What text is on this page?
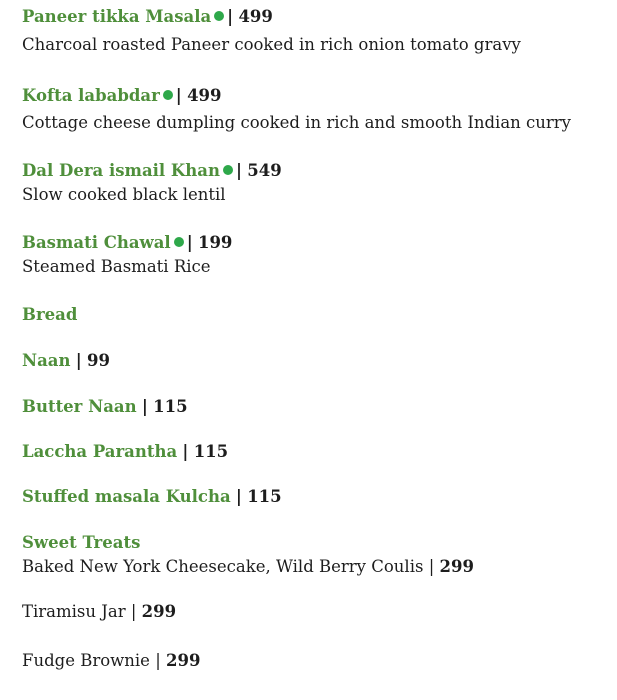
Paneer tikka Masala | 499
Charcoal roasted Paneer cooked in rich onion tomato gravy
Kofta lababdar | 499
Cottage cheese dumpling cooked in rich and smooth Indian curry
Dal Dera ismail Khan | 549
Slow cooked black lentil
Basmati Chawal | 199
Steamed Basmati Rice
Bread
Naan | 99
Butter Naan | 115
Laccha Parantha | 115
Stuffed masala Kulcha | 115
Sweet Treats
Baked New York Cheesecake, Wild Berry Coulis | 299
Tiramisu Jar | 299
Fudge Brownie | 299
